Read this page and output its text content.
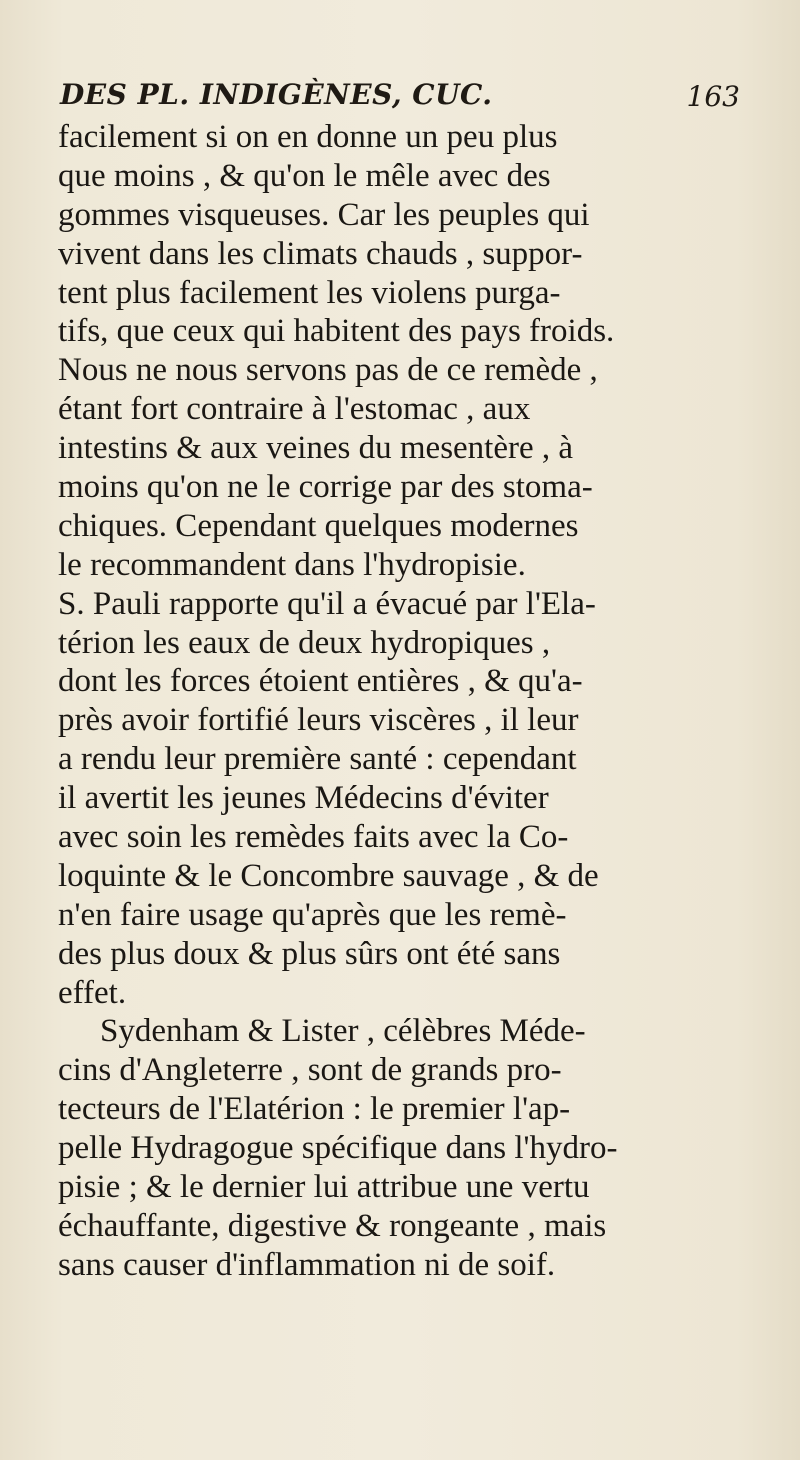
DES PL. INDIGÈNES, CUC.	163
facilement si on en donne un peu plus
que moins , & qu'on le mêle avec des
gommes visqueuses. Car les peuples qui
vivent dans les climats chauds , suppor-
tent plus facilement les violens purga-
tifs, que ceux qui habitent des pays froids.
Nous ne nous servons pas de ce remède ,
étant fort contraire à l'estomac , aux
intestins & aux veines du mesentère , à
moins qu'on ne le corrige par des stoma-
chiques. Cependant quelques modernes
le recommandent dans l'hydropisie.
S. Pauli rapporte qu'il a évacué par l'Ela-
térion les eaux de deux hydropiques ,
dont les forces étoient entières , & qu'a-
près avoir fortifié leurs viscères , il leur
a rendu leur première santé : cependant
il avertit les jeunes Médecins d'éviter
avec soin les remèdes faits avec la Co-
loquinte & le Concombre sauvage , & de
n'en faire usage qu'après que les remè-
des plus doux & plus sûrs ont été sans
effet.
Sydenham & Lister , célèbres Méde-
cins d'Angleterre , sont de grands pro-
tecteurs de l'Elatérion : le premier l'ap-
pelle Hydragogue spécifique dans l'hydro-
pisie ; & le dernier lui attribue une vertu
échauffante, digestive & rongeante , mais
sans causer d'inflammation ni de soif.
